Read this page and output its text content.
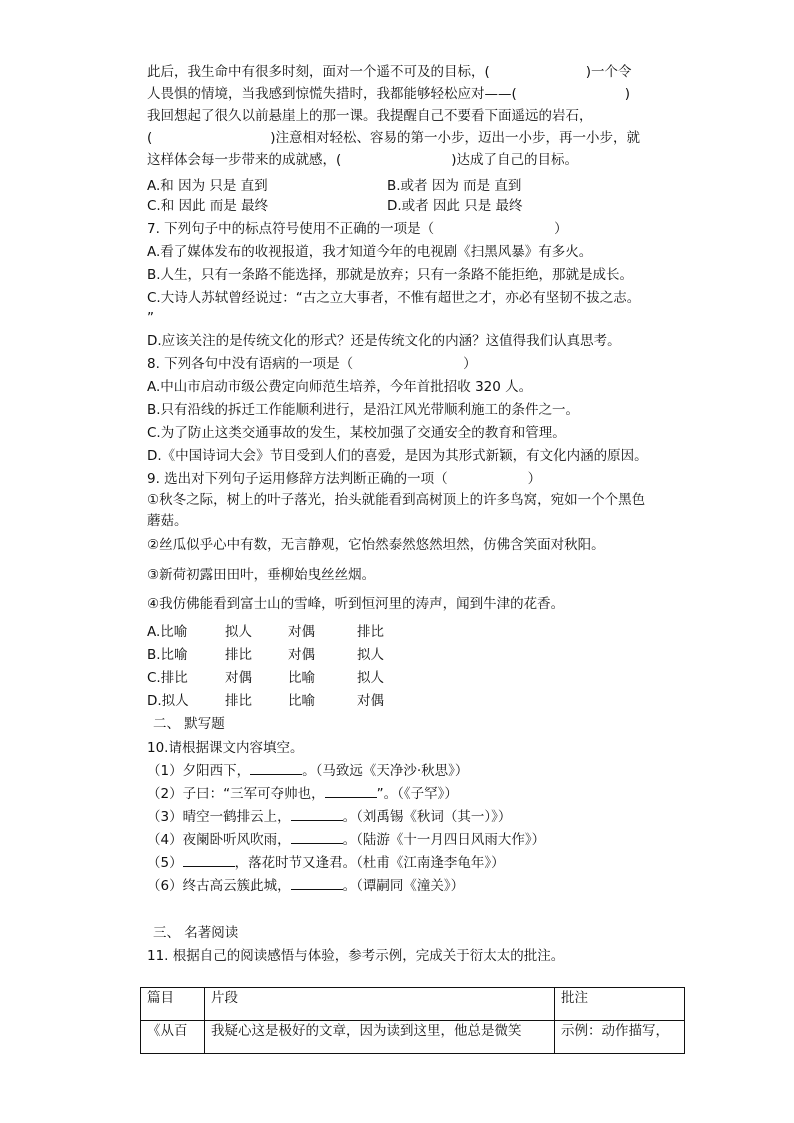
此后，我生命中有很多时刻，面对一个遥不可及的目标，(	)一个令
人畏惧的情境，当我感到惊慌失措时，我都能够轻松应对——(	)
我回想起了很久以前悬崖上的那一课。我提醒自己不要看下面遥远的岩石，
(	)注意相对轻松、容易的第一小步，迈出一小步，再一小步，就
这样体会每一步带来的成就感，(	)达成了自己的目标。
A.和 因为 只是 直到	B.或者 因为 而是 直到
C.和 因此 而是 最终	D.或者 因此 只是 最终
7. 下列句子中的标点符号使用不正确的一项是（	）
A.看了媒体发布的收视报道，我才知道今年的电视剧《扫黑风暴》有多火。
B.人生，只有一条路不能选择，那就是放弃；只有一条路不能拒绝，那就是成长。
C.大诗人苏轼曾经说过：“古之立大事者，不惟有超世之才，亦必有坚韧不拔之志。
”
D.应该关注的是传统文化的形式？还是传统文化的内涵？这值得我们认真思考。
8. 下列各句中没有语病的一项是（	）
A.中山市启动市级公费定向师范生培养，今年首批招收 320 人。
B.只有沿线的拆迁工作能顺利进行，是沿江风光带顺利施工的条件之一。
C.为了防止这类交通事故的发生，某校加强了交通安全的教育和管理。
D.《中国诗词大会》节目受到人们的喜爱，是因为其形式新颖，有文化内涵的原因。
9. 选出对下列句子运用修辞方法判断正确的一项（	）
①秋冬之际，树上的叶子落光，抬头就能看到高树顶上的许多鸟窝，宛如一个个黑色
蘑菇。
②丝瓜似乎心中有数，无言静观，它怡然泰然悠然坦然，仿佛含笑面对秋阳。
③新荷初露田田叶，垂柳始曳丝丝烟。
④我仿佛能看到富士山的雪峰，听到恒河里的涛声，闻到牛津的花香。
A.比喻	拟人	对偶	排比
B.比喻	排比	对偶	拟人
C.排比	对偶	比喻	拟人
D.拟人	排比	比喻	对偶
二、 默写题
10.请根据课文内容填空。
（1）夕阳西下，	。（马致远《天净沙·秋思》）
（2）子曰：“三军可夺帅也，	”。（《子罕》）
（3）晴空一鹤排云上，	。（刘禹锡《秋词（其一）》）
（4）夜阑卧听风吹雨，	。（陆游《十一月四日风雨大作》）
（5）	，落花时节又逢君。（杜甫《江南逢李龟年》）
（6）终古高云簇此城，	。（谭嗣同《潼关》）
三、 名著阅读
11. 根据自己的阅读感悟与体验，参考示例，完成关于衍太太的批注。
篇目	片段	批注
《从百	我疑心这是极好的文章，因为读到这里，他总是微笑	示例：动作描写，
